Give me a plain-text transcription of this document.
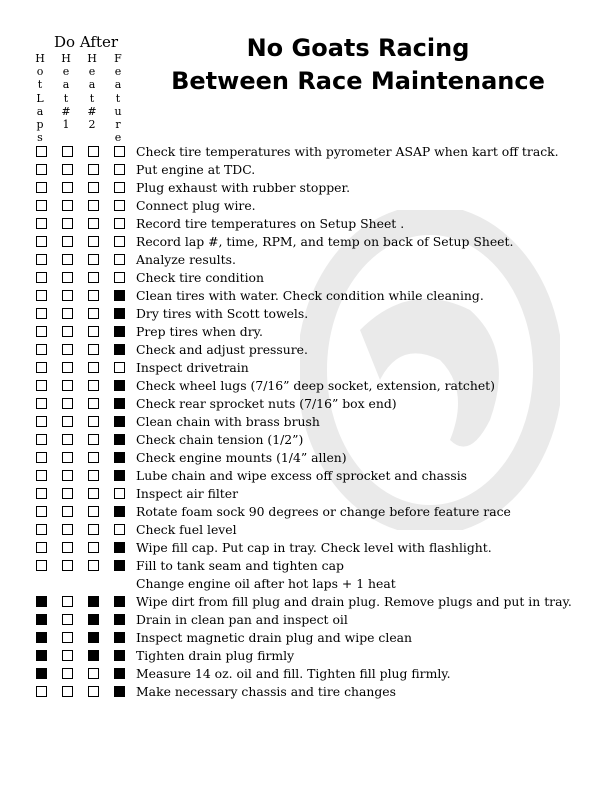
Do After
H
o
t
L
a
p
s
H
e
a
t
#
1
H
e
a
t
#
2
F
e
a
t
u
r
e
No Goats Racing
Between Race Maintenance
Check tire temperatures with pyrometer ASAP when kart off track.
Put engine at TDC.
Plug exhaust with rubber stopper.
Connect plug wire.
Record tire temperatures on Setup Sheet .
Record lap #, time, RPM, and temp on back of Setup Sheet.
Analyze results.
Check tire condition
Clean tires with water. Check condition while cleaning.
Dry tires with Scott towels.
Prep tires when dry.
Check and adjust pressure.
Inspect drivetrain
Check wheel lugs (7/16” deep socket, extension, ratchet)
Check rear sprocket nuts (7/16” box end)
Clean chain with brass brush
Check chain tension (1/2”)
Check engine mounts (1/4” allen)
Lube chain and wipe excess off sprocket and chassis
Inspect air filter
Rotate foam sock 90 degrees or change before feature race
Check fuel level
Wipe fill cap. Put cap in tray. Check level with flashlight.
Fill to tank seam and tighten cap
Change engine oil after hot laps + 1 heat
Wipe dirt from fill plug and drain plug. Remove plugs and put in tray.
Drain in clean pan and inspect oil
Inspect magnetic drain plug and wipe clean
Tighten drain plug firmly
Measure 14 oz. oil and fill. Tighten fill plug firmly.
Make necessary chassis and tire changes
